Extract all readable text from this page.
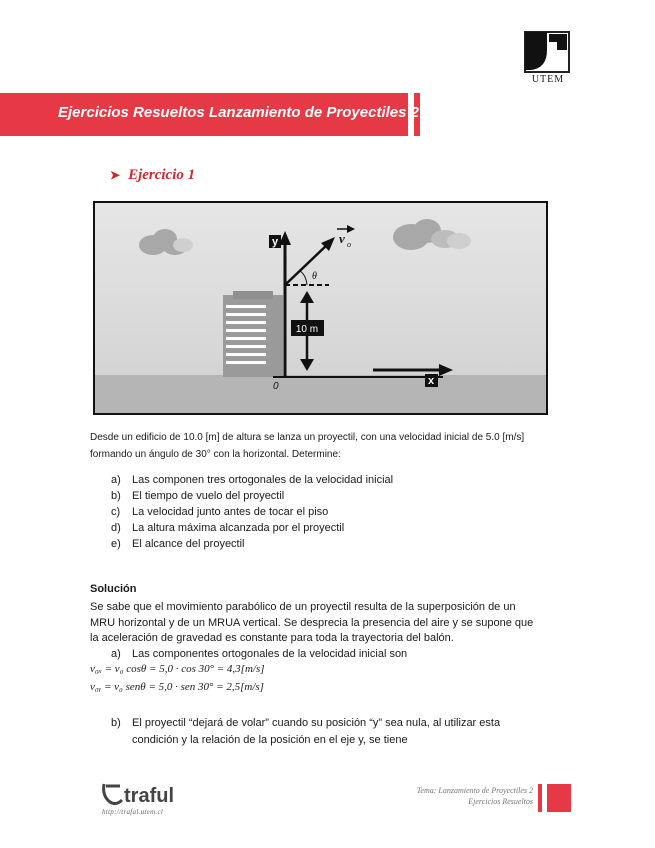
UTEM
Ejercicios Resueltos Lanzamiento de Proyectiles 2
➤ Ejercicio 1
y
x
0
v o
θ
10 m
Desde un edificio de 10.0 [m] de altura se lanza un proyectil, con una velocidad inicial de 5.0 [m/s]
formando un ángulo de 30° con la horizontal. Determine:
a) Las componen tres ortogonales de la velocidad inicial
b) El tiempo de vuelo del proyectil
c) La velocidad junto antes de tocar el piso
d) La altura máxima alcanzada por el proyectil
e) El alcance del proyectil
Solución
Se sabe que el movimiento parabólico de un proyectil resulta de la superposición de un
MRU horizontal y de un MRUA vertical. Se desprecia la presencia del aire y se supone que
la aceleración de gravedad es constante para toda la trayectoria del balón.
a) Las componentes ortogonales de la velocidad inicial son
v₀ₓ = v₀ cosθ = 5,0 · cos 30° = 4,3[m/s]
v₀ᵧ = v₀ senθ = 5,0 · sen 30° = 2,5[m/s]
b) El proyectil “dejará de volar” cuando su posición “y” sea nula, al utilizar esta
condición y la relación de la posición en el eje y, se tiene
traful
http://trafal.utem.cl
Tema: Lanzamiento de Proyectiles 2
Ejercicios Resueltos
